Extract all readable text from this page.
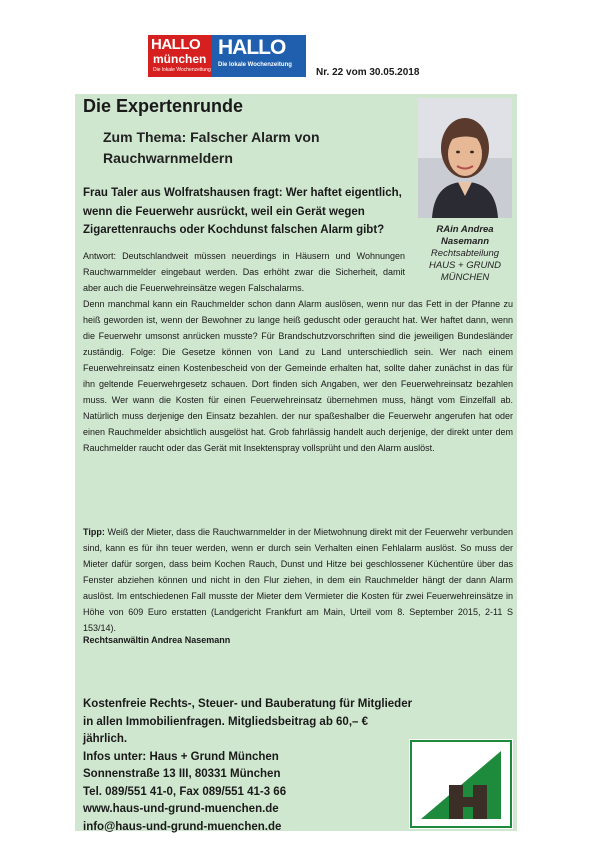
HALLO
münchen
Die lokale Wochenzeitung
HALLO
Die lokale Wochenzeitung
Nr. 22 vom 30.05.2018
Die Expertenrunde
Zum Thema: Falscher Alarm von Rauchwarnmeldern
Frau Taler aus Wolfratshausen fragt: Wer haftet eigentlich, wenn die Feuerwehr ausrückt, weil ein Gerät wegen Zigarettenrauchs oder Kochdunst falschen Alarm gibt?	RAin Andrea
Nasemann
Rechtsabteilung
HAUS + GRUND
MÜNCHEN
Antwort: Deutschlandweit müssen neuerdings in Häusern und Wohnungen Rauchwarnmelder eingebaut werden. Das erhöht zwar die Sicherheit, damit aber auch die Feuerwehreinsätze wegen Falschalarms.
Denn manchmal kann ein Rauchmelder schon dann Alarm auslösen, wenn nur das Fett in der Pfanne zu heiß geworden ist, wenn der Bewohner zu lange heiß geduscht oder geraucht hat. Wer haftet dann, wenn die Feuerwehr umsonst anrücken musste? Für Brandschutzvorschriften sind die jeweiligen Bundesländer zuständig. Folge: Die Gesetze können von Land zu Land unterschiedlich sein. Wer nach einem Feuerwehreinsatz einen Kostenbescheid von der Gemeinde erhalten hat, sollte daher zunächst in das für ihn geltende Feuerwehrgesetz schauen. Dort finden sich Angaben, wer den Feuerwehreinsatz bezahlen muss. Wer wann die Kosten für einen Feuerwehreinsatz übernehmen muss, hängt vom Einzelfall ab. Natürlich muss derjenige den Einsatz bezahlen. der nur spaßeshalber die Feuerwehr angerufen hat oder einen Rauchmelder absichtlich ausgelöst hat. Grob fahrlässig handelt auch derjenige, der direkt unter dem Rauchmelder raucht oder das Gerät mit Insektenspray vollsprüht und den Alarm auslöst.
Tipp: Weiß der Mieter, dass die Rauchwarnmelder in der Mietwohnung direkt mit der Feuerwehr verbunden sind, kann es für ihn teuer werden, wenn er durch sein Verhalten einen Fehlalarm auslöst. So muss der Mieter dafür sorgen, dass beim Kochen Rauch, Dunst und Hitze bei geschlossener Küchentüre über das Fenster abziehen können und nicht in den Flur ziehen, in dem ein Rauchmelder hängt der dann Alarm auslöst. Im entschiedenen Fall musste der Mieter dem Vermieter die Kosten für zwei Feuerwehreinsätze in Höhe von 609 Euro erstatten (Landgericht Frankfurt am Main, Urteil vom 8. September 2015, 2-11 S 153/14).
Rechtsanwältin Andrea Nasemann
Kostenfreie Rechts-, Steuer- und Bauberatung für Mitglieder in allen Immobilienfragen. Mitgliedsbeitrag ab 60,– € jährlich.
Infos unter: Haus + Grund München
Sonnenstraße 13 III, 80331 München
Tel. 089/551 41-0, Fax 089/551 41-3 66
www.haus-und-grund-muenchen.de
info@haus-und-grund-muenchen.de
